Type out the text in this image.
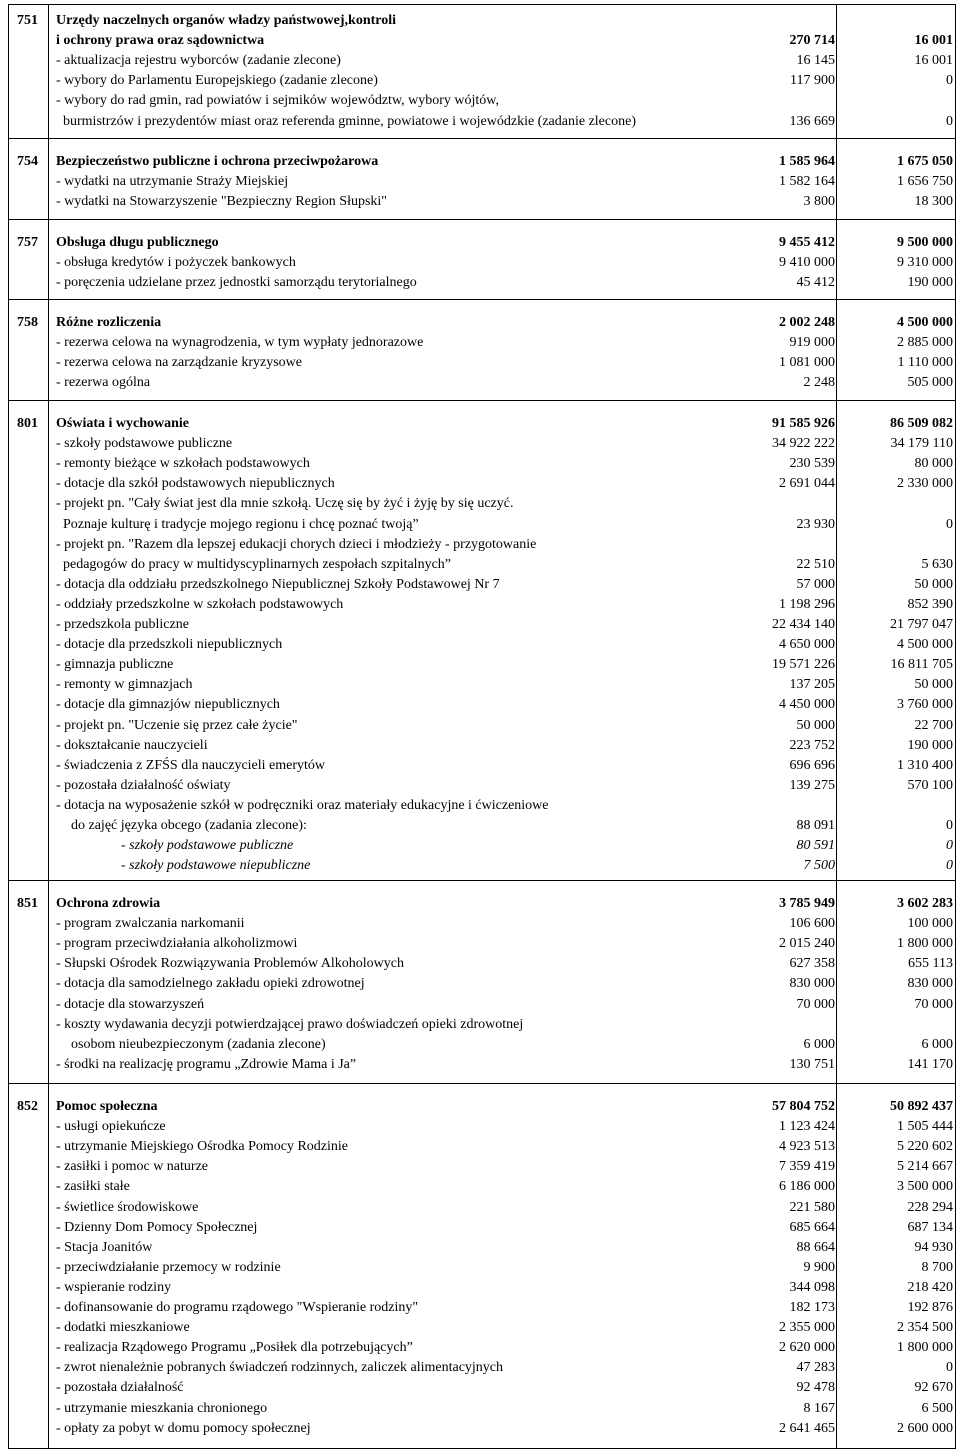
751 Urzędy naczelnych organów władzy państwowej,kontroli
i ochrony prawa oraz sądownictwa	270 714	16 001
- aktualizacja rejestru wyborców (zadanie zlecone)	16 145	16 001
- wybory do Parlamentu Europejskiego (zadanie zlecone)	117 900	0
- wybory do rad gmin, rad powiatów i sejmików województw, wybory wójtów,
burmistrzów i prezydentów miast oraz referenda gminne, powiatowe i wojewódzkie (zadanie zlecone)	136 669	0
754 Bezpieczeństwo publiczne i ochrona przeciwpożarowa	1 585 964	1 675 050
- wydatki na utrzymanie Straży Miejskiej	1 582 164	1 656 750
- wydatki na Stowarzyszenie "Bezpieczny Region Słupski"	3 800	18 300
757 Obsługa długu publicznego	9 455 412	9 500 000
- obsługa kredytów i pożyczek bankowych	9 410 000	9 310 000
- poręczenia udzielane przez jednostki samorządu terytorialnego	45 412	190 000
758 Różne rozliczenia	2 002 248	4 500 000
- rezerwa celowa na wynagrodzenia, w tym wypłaty jednorazowe	919 000	2 885 000
- rezerwa celowa na zarządzanie kryzysowe	1 081 000	1 110 000
- rezerwa ogólna	2 248	505 000
801 Oświata i wychowanie	91 585 926	86 509 082
- szkoły podstawowe publiczne	34 922 222	34 179 110
- remonty bieżące w szkołach podstawowych	230 539	80 000
- dotacje dla szkół podstawowych niepublicznych	2 691 044	2 330 000
- projekt pn. "Cały świat jest dla mnie szkołą. Uczę się by żyć i żyję by się uczyć.
Poznaje kulturę i tradycje mojego regionu i chcę poznać twoją”	23 930	0
- projekt pn. "Razem dla lepszej edukacji chorych dzieci i młodzieży - przygotowanie
pedagogów do pracy w multidyscyplinarnych zespołach szpitalnych”	22 510	5 630
- dotacja dla oddziału przedszkolnego Niepublicznej Szkoły Podstawowej Nr 7	57 000	50 000
- oddziały przedszkolne w szkołach podstawowych	1 198 296	852 390
- przedszkola publiczne	22 434 140	21 797 047
- dotacje dla przedszkoli niepublicznych	4 650 000	4 500 000
- gimnazja publiczne	19 571 226	16 811 705
- remonty w gimnazjach	137 205	50 000
- dotacje dla gimnazjów niepublicznych	4 450 000	3 760 000
- projekt pn. "Uczenie się przez całe życie"	50 000	22 700
- dokształcanie nauczycieli	223 752	190 000
- świadczenia z ZFŚS dla nauczycieli emerytów	696 696	1 310 400
- pozostała działalność oświaty	139 275	570 100
- dotacja na wyposażenie szkół w podręczniki oraz materiały edukacyjne i ćwiczeniowe
do zajęć języka obcego (zadania zlecone):	88 091	0
- szkoły podstawowe publiczne	80 591	0
- szkoły podstawowe niepubliczne	7 500	0
851 Ochrona zdrowia	3 785 949	3 602 283
- program zwalczania narkomanii	106 600	100 000
- program przeciwdziałania alkoholizmowi	2 015 240	1 800 000
- Słupski Ośrodek Rozwiązywania Problemów Alkoholowych	627 358	655 113
- dotacja dla samodzielnego zakładu opieki zdrowotnej	830 000	830 000
- dotacje dla stowarzyszeń	70 000	70 000
- koszty wydawania decyzji potwierdzającej prawo doświadczeń opieki zdrowotnej
osobom nieubezpieczonym (zadania zlecone)	6 000	6 000
- środki na realizację programu „Zdrowie Mama i Ja”	130 751	141 170
852 Pomoc społeczna	57 804 752	50 892 437
- usługi opiekuńcze	1 123 424	1 505 444
- utrzymanie Miejskiego Ośrodka Pomocy Rodzinie	4 923 513	5 220 602
- zasiłki i pomoc w naturze	7 359 419	5 214 667
- zasiłki stałe	6 186 000	3 500 000
- świetlice środowiskowe	221 580	228 294
- Dzienny Dom Pomocy Społecznej	685 664	687 134
- Stacja Joanitów	88 664	94 930
- przeciwdziałanie przemocy w rodzinie	9 900	8 700
- wspieranie rodziny	344 098	218 420
- dofinansowanie do programu rządowego "Wspieranie rodziny"	182 173	192 876
- dodatki mieszkaniowe	2 355 000	2 354 500
- realizacja Rządowego Programu „Posiłek dla potrzebujących”	2 620 000	1 800 000
- zwrot nienależnie pobranych świadczeń rodzinnych, zaliczek alimentacyjnych	47 283	0
- pozostała działalność	92 478	92 670
- utrzymanie mieszkania chronionego	8 167	6 500
- opłaty za pobyt w domu pomocy społecznej	2 641 465	2 600 000
